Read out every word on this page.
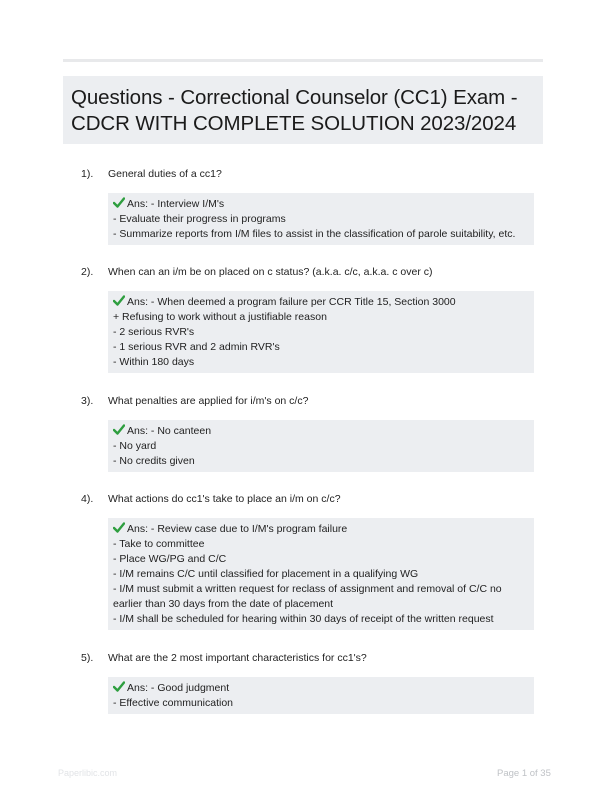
Questions - Correctional Counselor (CC1) Exam - CDCR WITH COMPLETE SOLUTION 2023/2024
1). General duties of a cc1?
Ans: - Interview I/M's
- Evaluate their progress in programs
- Summarize reports from I/M files to assist in the classification of parole suitability, etc.
2). When can an i/m be on placed on c status? (a.k.a. c/c, a.k.a. c over c)
Ans: - When deemed a program failure per CCR Title 15, Section 3000
+ Refusing to work without a justifiable reason
- 2 serious RVR's
- 1 serious RVR and 2 admin RVR's
- Within 180 days
3). What penalties are applied for i/m's on c/c?
Ans: - No canteen
- No yard
- No credits given
4). What actions do cc1's take to place an i/m on c/c?
Ans: - Review case due to I/M's program failure
- Take to committee
- Place WG/PG and C/C
- I/M remains C/C until classified for placement in a qualifying WG
- I/M must submit a written request for reclass of assignment and removal of C/C no
earlier than 30 days from the date of placement
- I/M shall be scheduled for hearing within 30 days of receipt of the written request
5). What are the 2 most important characteristics for cc1's?
Ans: - Good judgment
- Effective communication
Paperlibic.com	Page 1 of 35
